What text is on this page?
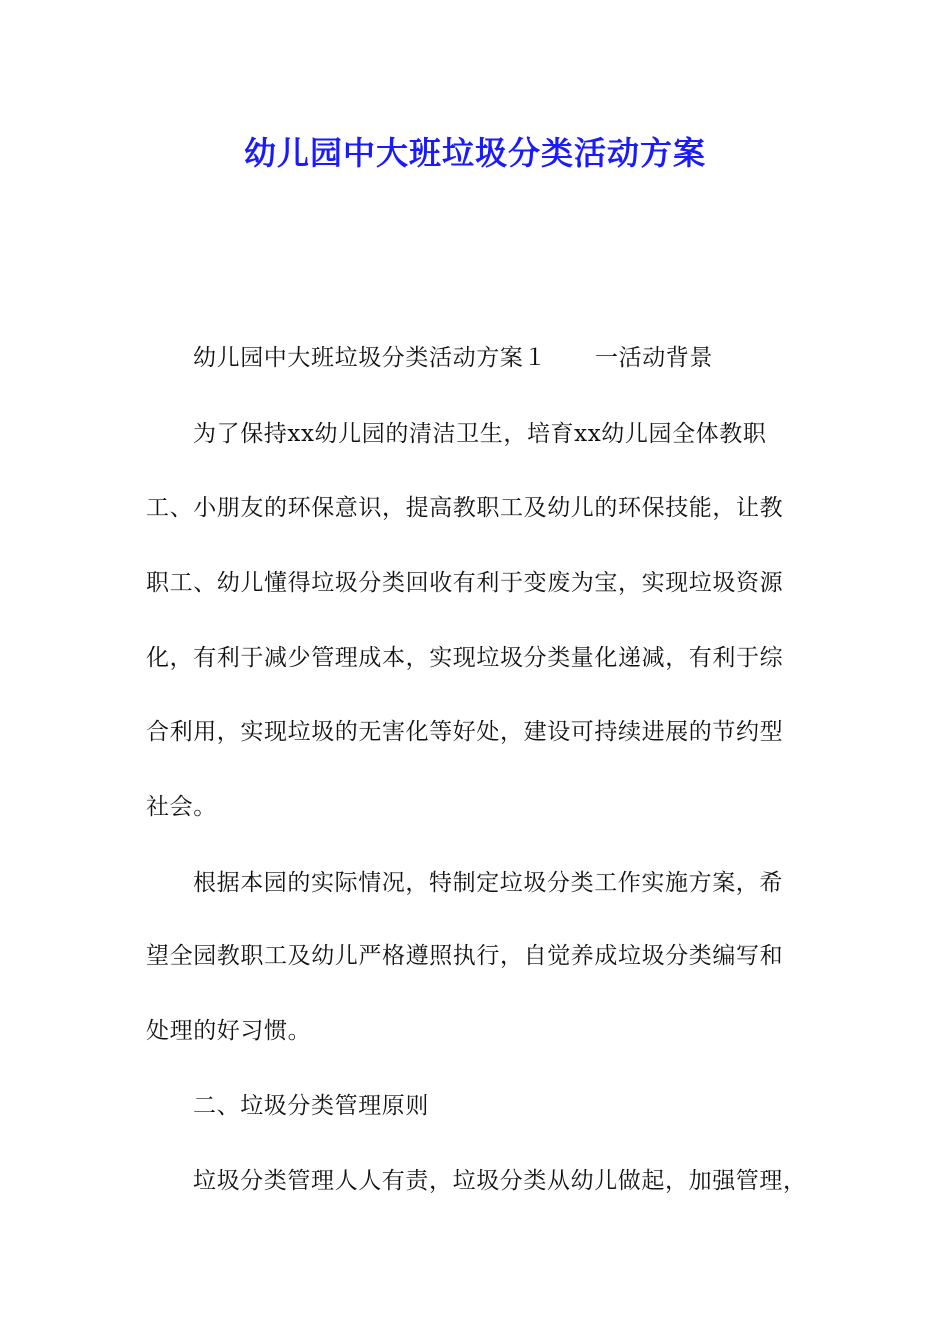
幼儿园中大班垃圾分类活动方案
幼儿园中大班垃圾分类活动方案１ 一活动背景
为了保持xx幼儿园的清洁卫生，培育xx幼儿园全体教职
工、小朋友的环保意识，提高教职工及幼儿的环保技能，让教
职工、幼儿懂得垃圾分类回收有利于变废为宝，实现垃圾资源
化，有利于减少管理成本，实现垃圾分类量化递减，有利于综
合利用，实现垃圾的无害化等好处，建设可持续进展的节约型
社会。
根据本园的实际情况，特制定垃圾分类工作实施方案，希
望全园教职工及幼儿严格遵照执行，自觉养成垃圾分类编写和
处理的好习惯。
二、垃圾分类管理原则
垃圾分类管理人人有责，垃圾分类从幼儿做起，加强管理，
